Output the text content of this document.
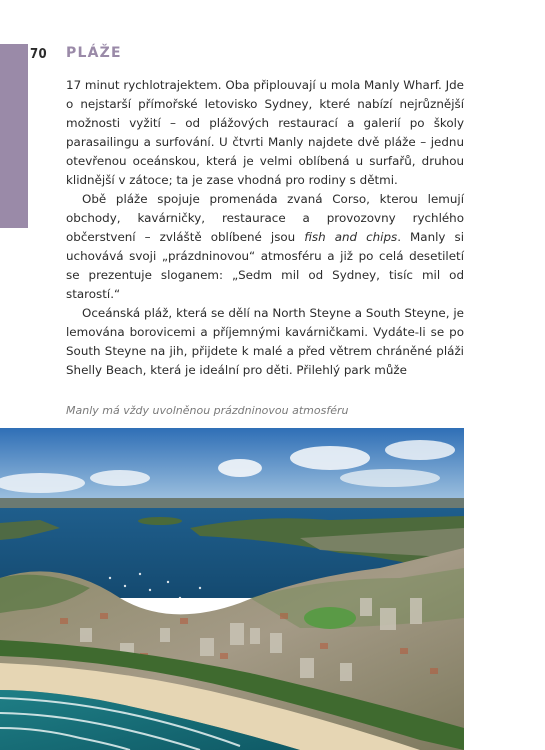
70 PLÁŽE

17 minut rychlotrajektem. Oba připlouvají u mola Manly Wharf. Jde o nejstarší přímořské letovisko Sydney, které nabízí nejrůznější možnosti vyžití – od plážových restaurací a galerií po školy parasailingu a surfování. U čtvrti Manly najdete dvě pláže – jednu otevřenou oceánskou, která je velmi oblíbená u surfařů, druhou klidnější v zátoce; ta je zase vhodná pro rodiny s dětmi.

Obě pláže spojuje promenáda zvaná Corso, kterou lemují obchody, kavárničky, restaurace a provozovny rychlého občerstvení – zvláště oblíbené jsou fish and chips. Manly si uchovává svoji „prázdninovou“ atmosféru a již po celá desetiletí se prezentuje sloganem: „Sedm mil od Sydney, tisíc mil od starostí.“

Oceánská pláž, která se dělí na North Steyne a South Steyne, je lemována borovicemi a příjemnými kavárničkami. Vydáte-li se po South Steyne na jih, přijdete k malé a před větrem chráněné pláži Shelly Beach, která je ideální pro děti. Přilehlý park může

Manly má vždy uvolněnou prázdninovou atmosféru
